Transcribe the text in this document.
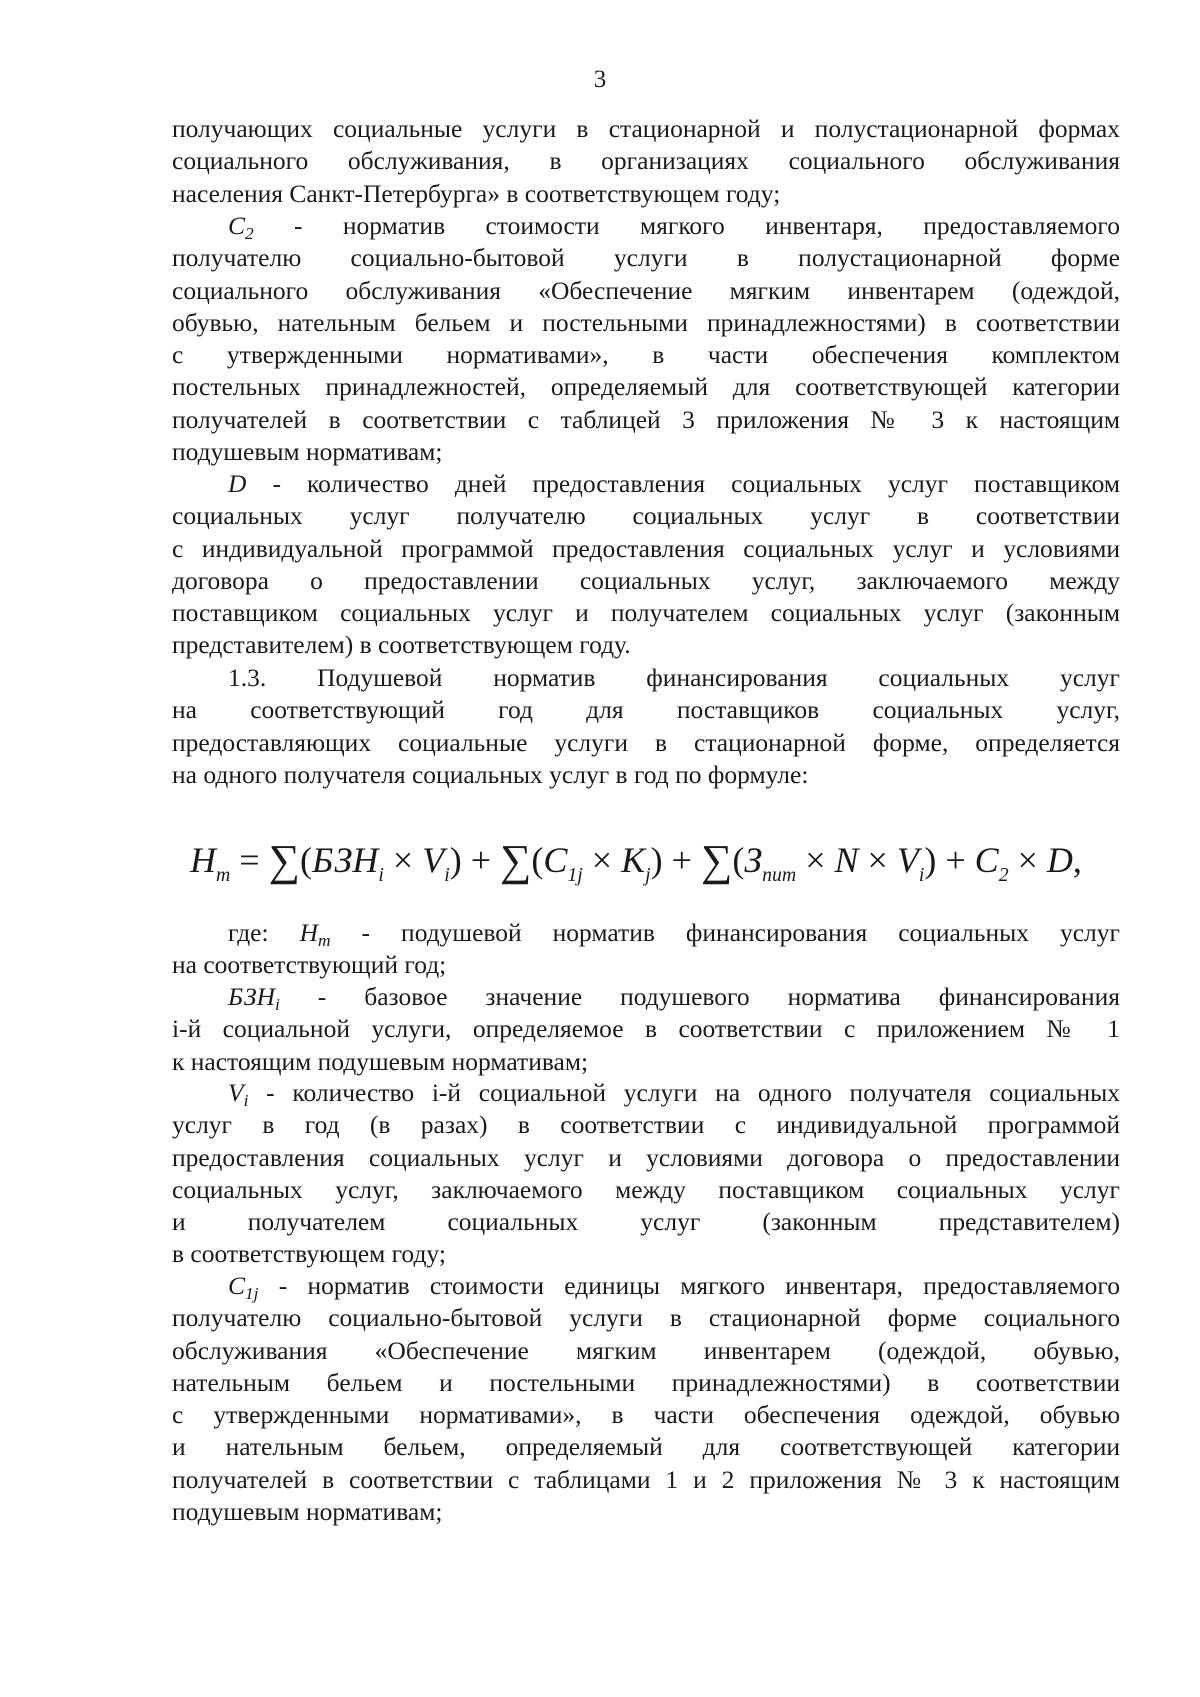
3
получающих социальные услуги в стационарной и полустационарной формах
социального обслуживания, в организациях социального обслуживания
населения Санкт-Петербурга» в соответствующем году;
$C_2$ - норматив стоимости мягкого инвентаря, предоставляемого
получателю социально-бытовой услуги в полустационарной форме
социального обслуживания «Обеспечение мягким инвентарем (одеждой,
обувью, нательным бельем и постельными принадлежностями) в соответствии
с утвержденными нормативами», в части обеспечения комплектом
постельных принадлежностей, определяемый для соответствующей категории
получателей в соответствии с таблицей 3 приложения № 3 к настоящим
подушевым нормативам;
D - количество дней предоставления социальных услуг поставщиком
социальных услуг получателю социальных услуг в соответствии
с индивидуальной программой предоставления социальных услуг и условиями
договора о предоставлении социальных услуг, заключаемого между
поставщиком социальных услуг и получателем социальных услуг (законным
представителем) в соответствующем году.
1.3. Подушевой норматив финансирования социальных услуг
на соответствующий год для поставщиков социальных услуг,
предоставляющих социальные услуги в стационарной форме, определяется
на одного получателя социальных услуг в год по формуле:
$H_m = \sum(БЗН_i \times V_i) + \sum(C_{1j} \times K_j) + \sum(З_{пит} \times N \times V_i) + C_2 \times D$,
где: $H_m$ - подушевой норматив финансирования социальных услуг
на соответствующий год;
$БЗН_i$ - базовое значение подушевого норматива финансирования
i-й социальной услуги, определяемое в соответствии с приложением № 1
к настоящим подушевым нормативам;
$V_i$ - количество i-й социальной услуги на одного получателя социальных
услуг в год (в разах) в соответствии с индивидуальной программой
предоставления социальных услуг и условиями договора о предоставлении
социальных услуг, заключаемого между поставщиком социальных услуг
и получателем социальных услуг (законным представителем)
в соответствующем году;
$C_{1j}$ - норматив стоимости единицы мягкого инвентаря, предоставляемого
получателю социально-бытовой услуги в стационарной форме социального
обслуживания «Обеспечение мягким инвентарем (одеждой, обувью,
нательным бельем и постельными принадлежностями) в соответствии
с утвержденными нормативами», в части обеспечения одеждой, обувью
и нательным бельем, определяемый для соответствующей категории
получателей в соответствии с таблицами 1 и 2 приложения № 3 к настоящим
подушевым нормативам;
